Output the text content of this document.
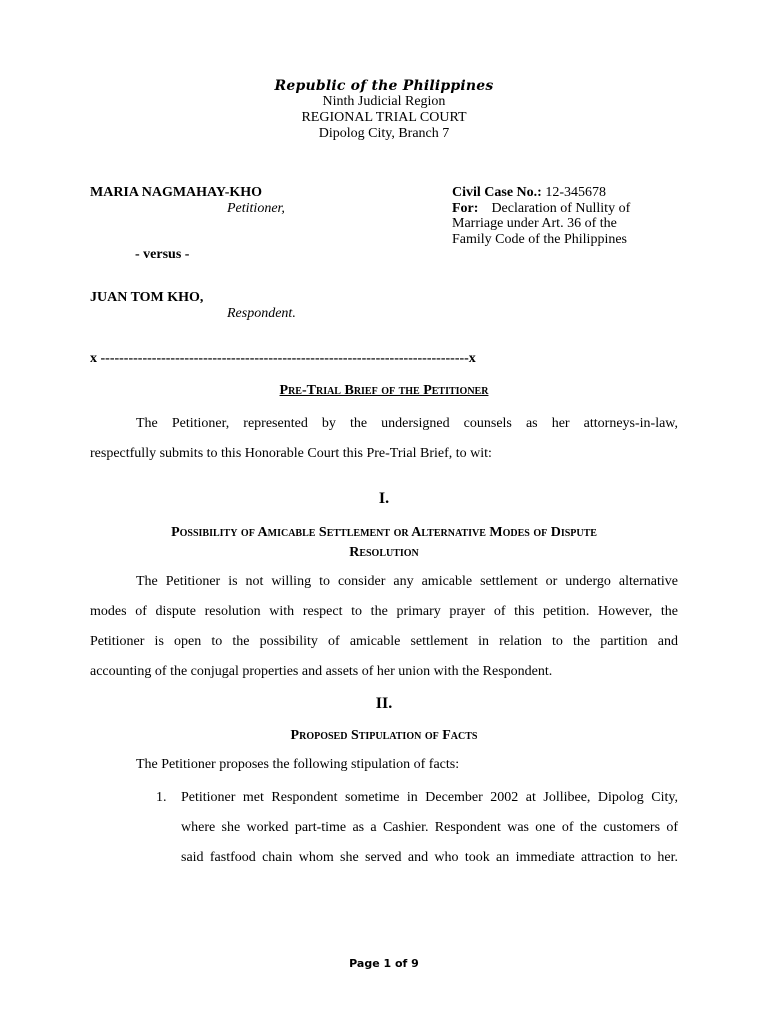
Republic of the Philippines
Ninth Judicial Region
REGIONAL TRIAL COURT
Dipolog City, Branch 7
MARIA NAGMAHAY-KHO
Petitioner,
- versus -
JUAN TOM KHO,
Respondent.
Civil Case No.: 12-345678
For: Declaration of Nullity of
Marriage under Art. 36 of the
Family Code of the Philippines
x -------------------------------------------------------------------------------x
Pre-Trial Brief of the Petitioner
The Petitioner, represented by the undersigned counsels as her attorneys-in-law,
respectfully submits to this Honorable Court this Pre-Trial Brief, to wit:
I.
Possibility of Amicable Settlement or Alternative Modes of Dispute
Resolution
The Petitioner is not willing to consider any amicable settlement or undergo alternative
modes of dispute resolution with respect to the primary prayer of this petition. However, the
Petitioner is open to the possibility of amicable settlement in relation to the partition and
accounting of the conjugal properties and assets of her union with the Respondent.
II.
Proposed Stipulation of Facts
The Petitioner proposes the following stipulation of facts:
1. Petitioner met Respondent sometime in December 2002 at Jollibee, Dipolog City,
where she worked part-time as a Cashier. Respondent was one of the customers of
said fastfood chain whom she served and who took an immediate attraction to her.
Page 1 of 9
